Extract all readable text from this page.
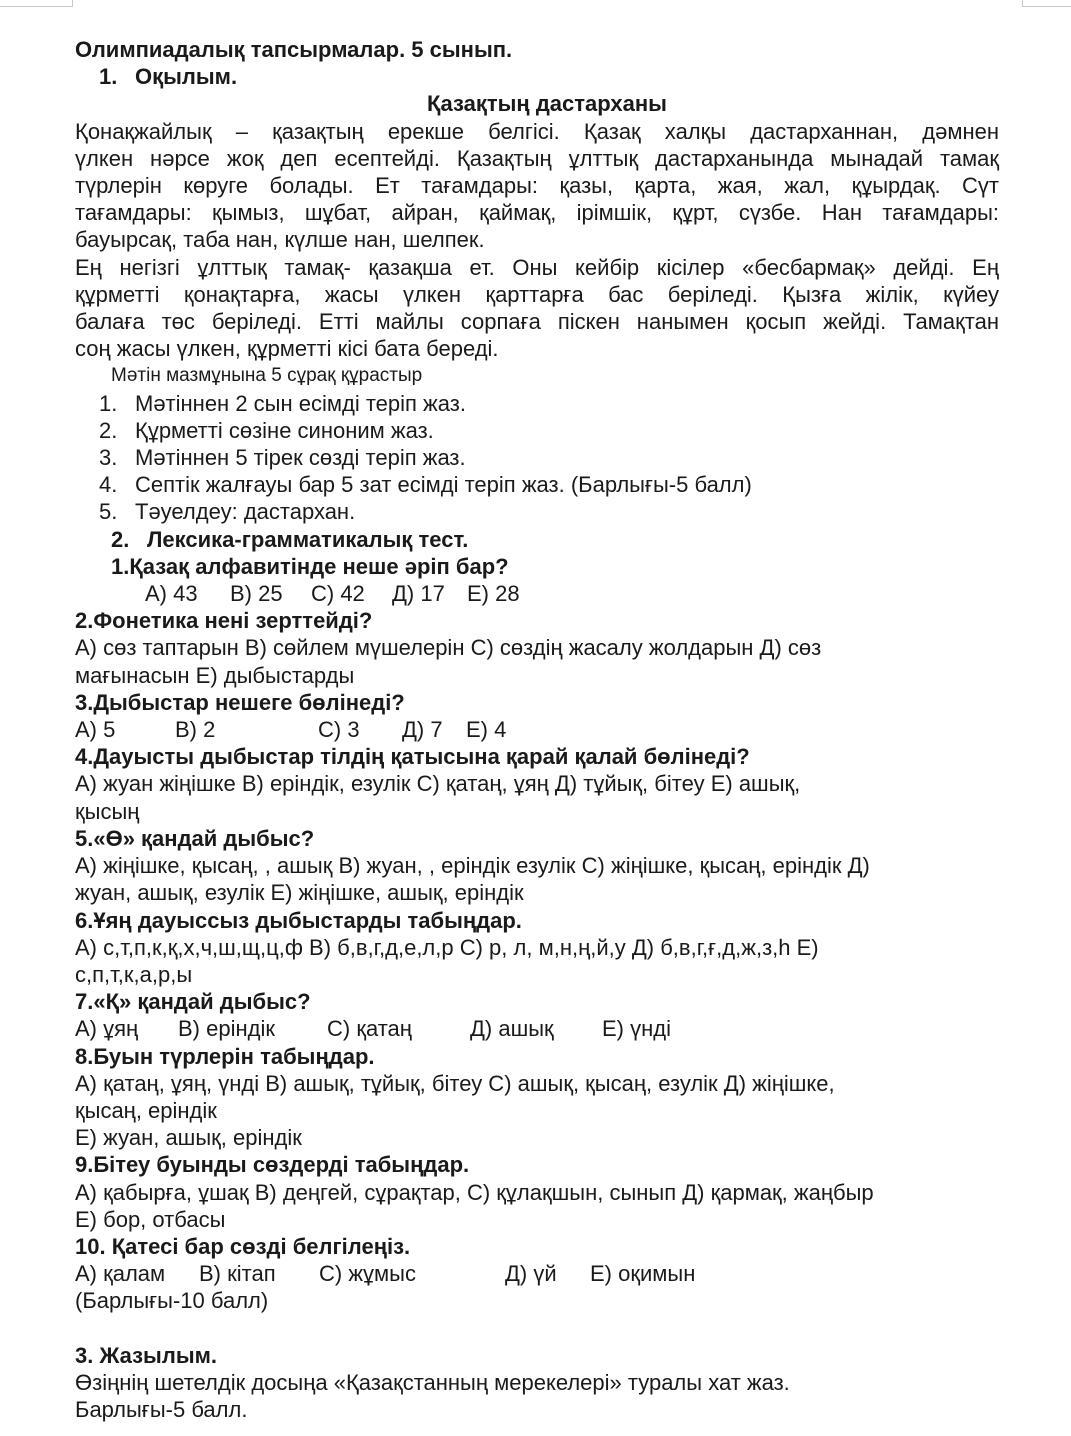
Олимпиадалық тапсырмалар. 5 сынып.
1. Оқылым.
Қазақтың дастарханы
Қонақжайлық – қазақтың ерекше белгісі. Қазақ халқы дастарханнан, дәмнен
үлкен нәрсе жоқ деп есептейді. Қазақтың ұлттық дастарханында мынадай тамақ
түрлерін көруге болады. Ет тағамдары: қазы, қарта, жая, жал, құырдақ. Сүт
тағамдары: қымыз, шұбат, айран, қаймақ, ірімшік, құрт, сүзбе. Нан тағамдары:
бауырсақ, таба нан, күлше нан, шелпек.
Ең негізгі ұлттық тамақ- қазақша ет. Оны кейбір кісілер «бесбармақ» дейді. Ең
құрметті қонақтарға, жасы үлкен қарттарға бас беріледі. Қызға жілік, күйеу
балаға төс беріледі. Етті майлы сорпаға піскен нанымен қосып жейді. Тамақтан
соң жасы үлкен, құрметті кісі бата береді.
Мәтін мазмұнына 5 сұрақ құрастыр
1. Мәтіннен 2 сын есімді теріп жаз.
2. Құрметті сөзіне синоним жаз.
3. Мәтіннен 5 тірек сөзді теріп жаз.
4. Септік жалғауы бар 5 зат есімді теріп жаз. (Барлығы-5 балл)
5. Тәуелдеу: дастархан.
2. Лексика-грамматикалық тест.
1.Қазақ алфавитінде неше әріп бар?
А) 43 В) 25 С) 42 Д) 17 Е) 28
2.Фонетика нені зерттейді?
А) сөз таптарын В) сөйлем мүшелерін С) сөздің жасалу жолдарын Д) сөз
мағынасын Е) дыбыстарды
3.Дыбыстар нешеге бөлінеді?
А) 5	В) 2	С) 3 Д) 7 Е) 4
4.Дауысты дыбыстар тілдің қатысына қарай қалай бөлінеді?
А) жуан жіңішке В) еріндік, езулік С) қатаң, ұяң Д) тұйық, бітеу Е) ашық,
қысың
5.«Ө» қандай дыбыс?
А) жіңішке, қысаң, , ашық В) жуан, , еріндік езулік С) жіңішке, қысаң, еріндік Д)
жуан, ашық, езулік Е) жіңішке, ашық, еріндік
6.Ұяң дауыссыз дыбыстарды табыңдар.
А) с,т,п,к,қ,х,ч,ш,щ,ц,ф В) б,в,г,д,е,л,р С) р, л, м,н,ң,й,у Д) б,в,г,ғ,д,ж,з,һ Е)
с,п,т,к,а,р,ы
7.«Қ» қандай дыбыс?
А) ұяң В) еріндік С) қатаң	Д) ашық Е) үнді
8.Буын түрлерін табыңдар.
А) қатаң, ұяң, үнді В) ашық, тұйық, бітеу С) ашық, қысаң, езулік Д) жіңішке,
қысаң, еріндік
Е) жуан, ашық, еріндік
9.Бітеу буынды сөздерді табыңдар.
А) қабырға, ұшақ В) деңгей, сұрақтар, С) құлақшын, сынып Д) қармақ, жаңбыр
Е) бор, отбасы
10. Қатесі бар сөзді белгілеңіз.
А) қалам В) кітап С) жұмыс	Д) үй Е) оқимын
(Барлығы-10 балл)
3. Жазылым.
Өзіңнің шетелдік досыңа «Қазақстанның мерекелері» туралы хат жаз.
Барлығы-5 балл.
